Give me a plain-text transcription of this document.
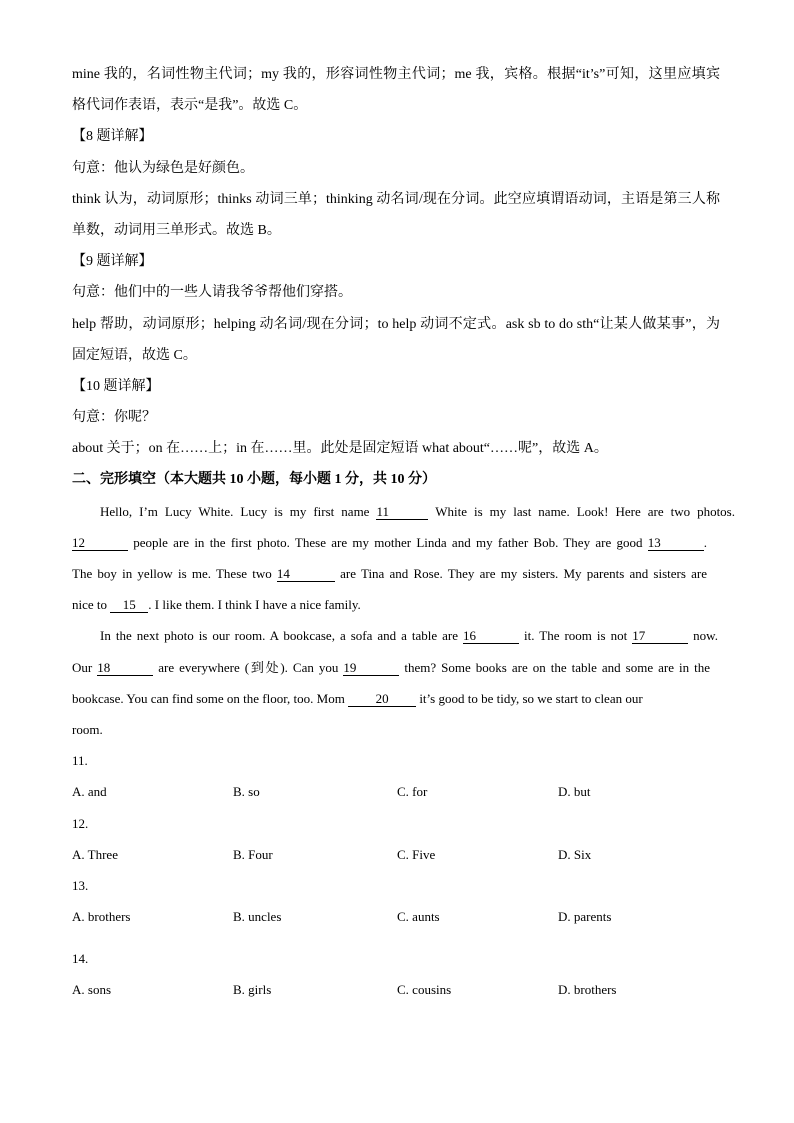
mine 我的，名词性物主代词；my 我的，形容词性物主代词；me 我，宾格。根据“it’s”可知，这里应填宾
格代词作表语，表示“是我”。故选 C。
【8 题详解】
句意：他认为绿色是好颜色。
think 认为，动词原形；thinks 动词三单；thinking 动名词/现在分词。此空应填谓语动词，主语是第三人称
单数，动词用三单形式。故选 B。
【9 题详解】
句意：他们中的一些人请我爷爷帮他们穿搭。
help 帮助，动词原形；helping 动名词/现在分词；to help 动词不定式。ask sb to do sth“让某人做某事”，为
固定短语，故选 C。
【10 题详解】
句意：你呢？
about 关于；on 在……上；in 在……里。此处是固定短语 what about“……呢”，故选 A。
二、完形填空（本大题共 10 小题，每小题 1 分，共 10 分）
Hello, I’m Lucy White. Lucy is my first name 11	White is my last name. Look! Here are two photos.
12	people are in the first photo. These are my mother Linda and my father Bob. They are good 13	.
The boy in yellow is me. These two 14	are Tina and Rose. They are my sisters. My parents and sisters are
nice to 15 . I like them. I think I have a nice family.
In the next photo is our room. A bookcase, a sofa and a table are 16	it. The room is not 17	now.
Our 18	are everywhere (到处). Can you 19	them? Some books are on the table and some are in the
bookcase. You can find some on the floor, too. Mom 20 it’s good to be tidy, so we start to clean our
room.
11.
A. and	B. so	C. for	D. but
12.
A. Three	B. Four	C. Five	D. Six
13.
A. brothers	B. uncles	C. aunts	D. parents
14.
A. sons	B. girls	C. cousins	D. brothers
